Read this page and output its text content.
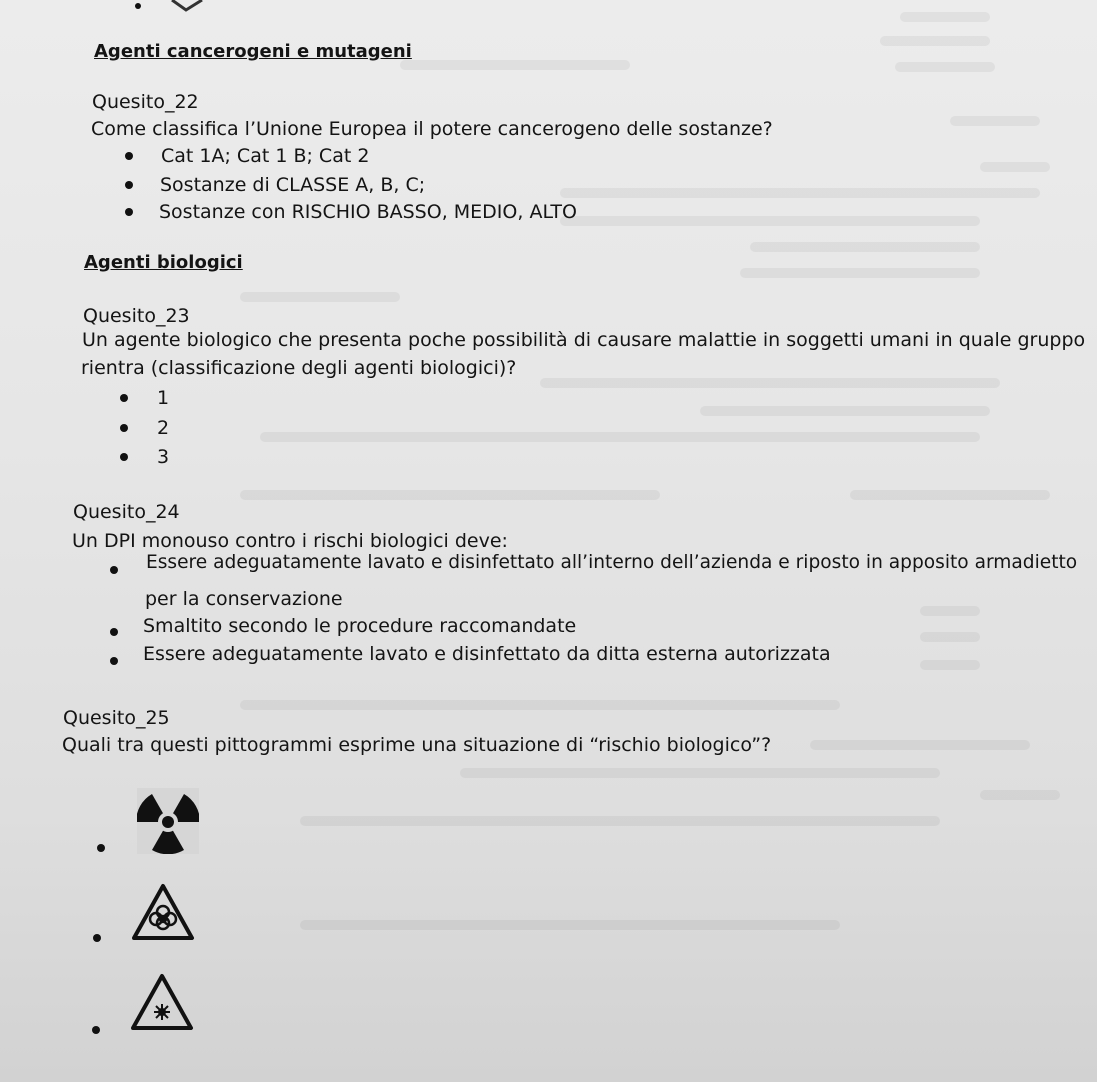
Agenti cancerogeni e mutageni
Quesito_22
Come classifica l’Unione Europea il potere cancerogeno delle sostanze?
Cat 1A; Cat 1 B; Cat 2
Sostanze di CLASSE A, B, C;
Sostanze con RISCHIO BASSO, MEDIO, ALTO
Agenti biologici
Quesito_23
Un agente biologico che presenta poche possibilità di causare malattie in soggetti umani in quale gruppo
rientra (classificazione degli agenti biologici)?
1
2
3
Quesito_24
Un DPI monouso contro i rischi biologici deve:
Essere adeguatamente lavato e disinfettato all’interno dell’azienda e riposto in apposito armadietto
per la conservazione
Smaltito secondo le procedure raccomandate
Essere adeguatamente lavato e disinfettato da ditta esterna autorizzata
Quesito_25
Quali tra questi pittogrammi esprime una situazione di “rischio biologico”?
